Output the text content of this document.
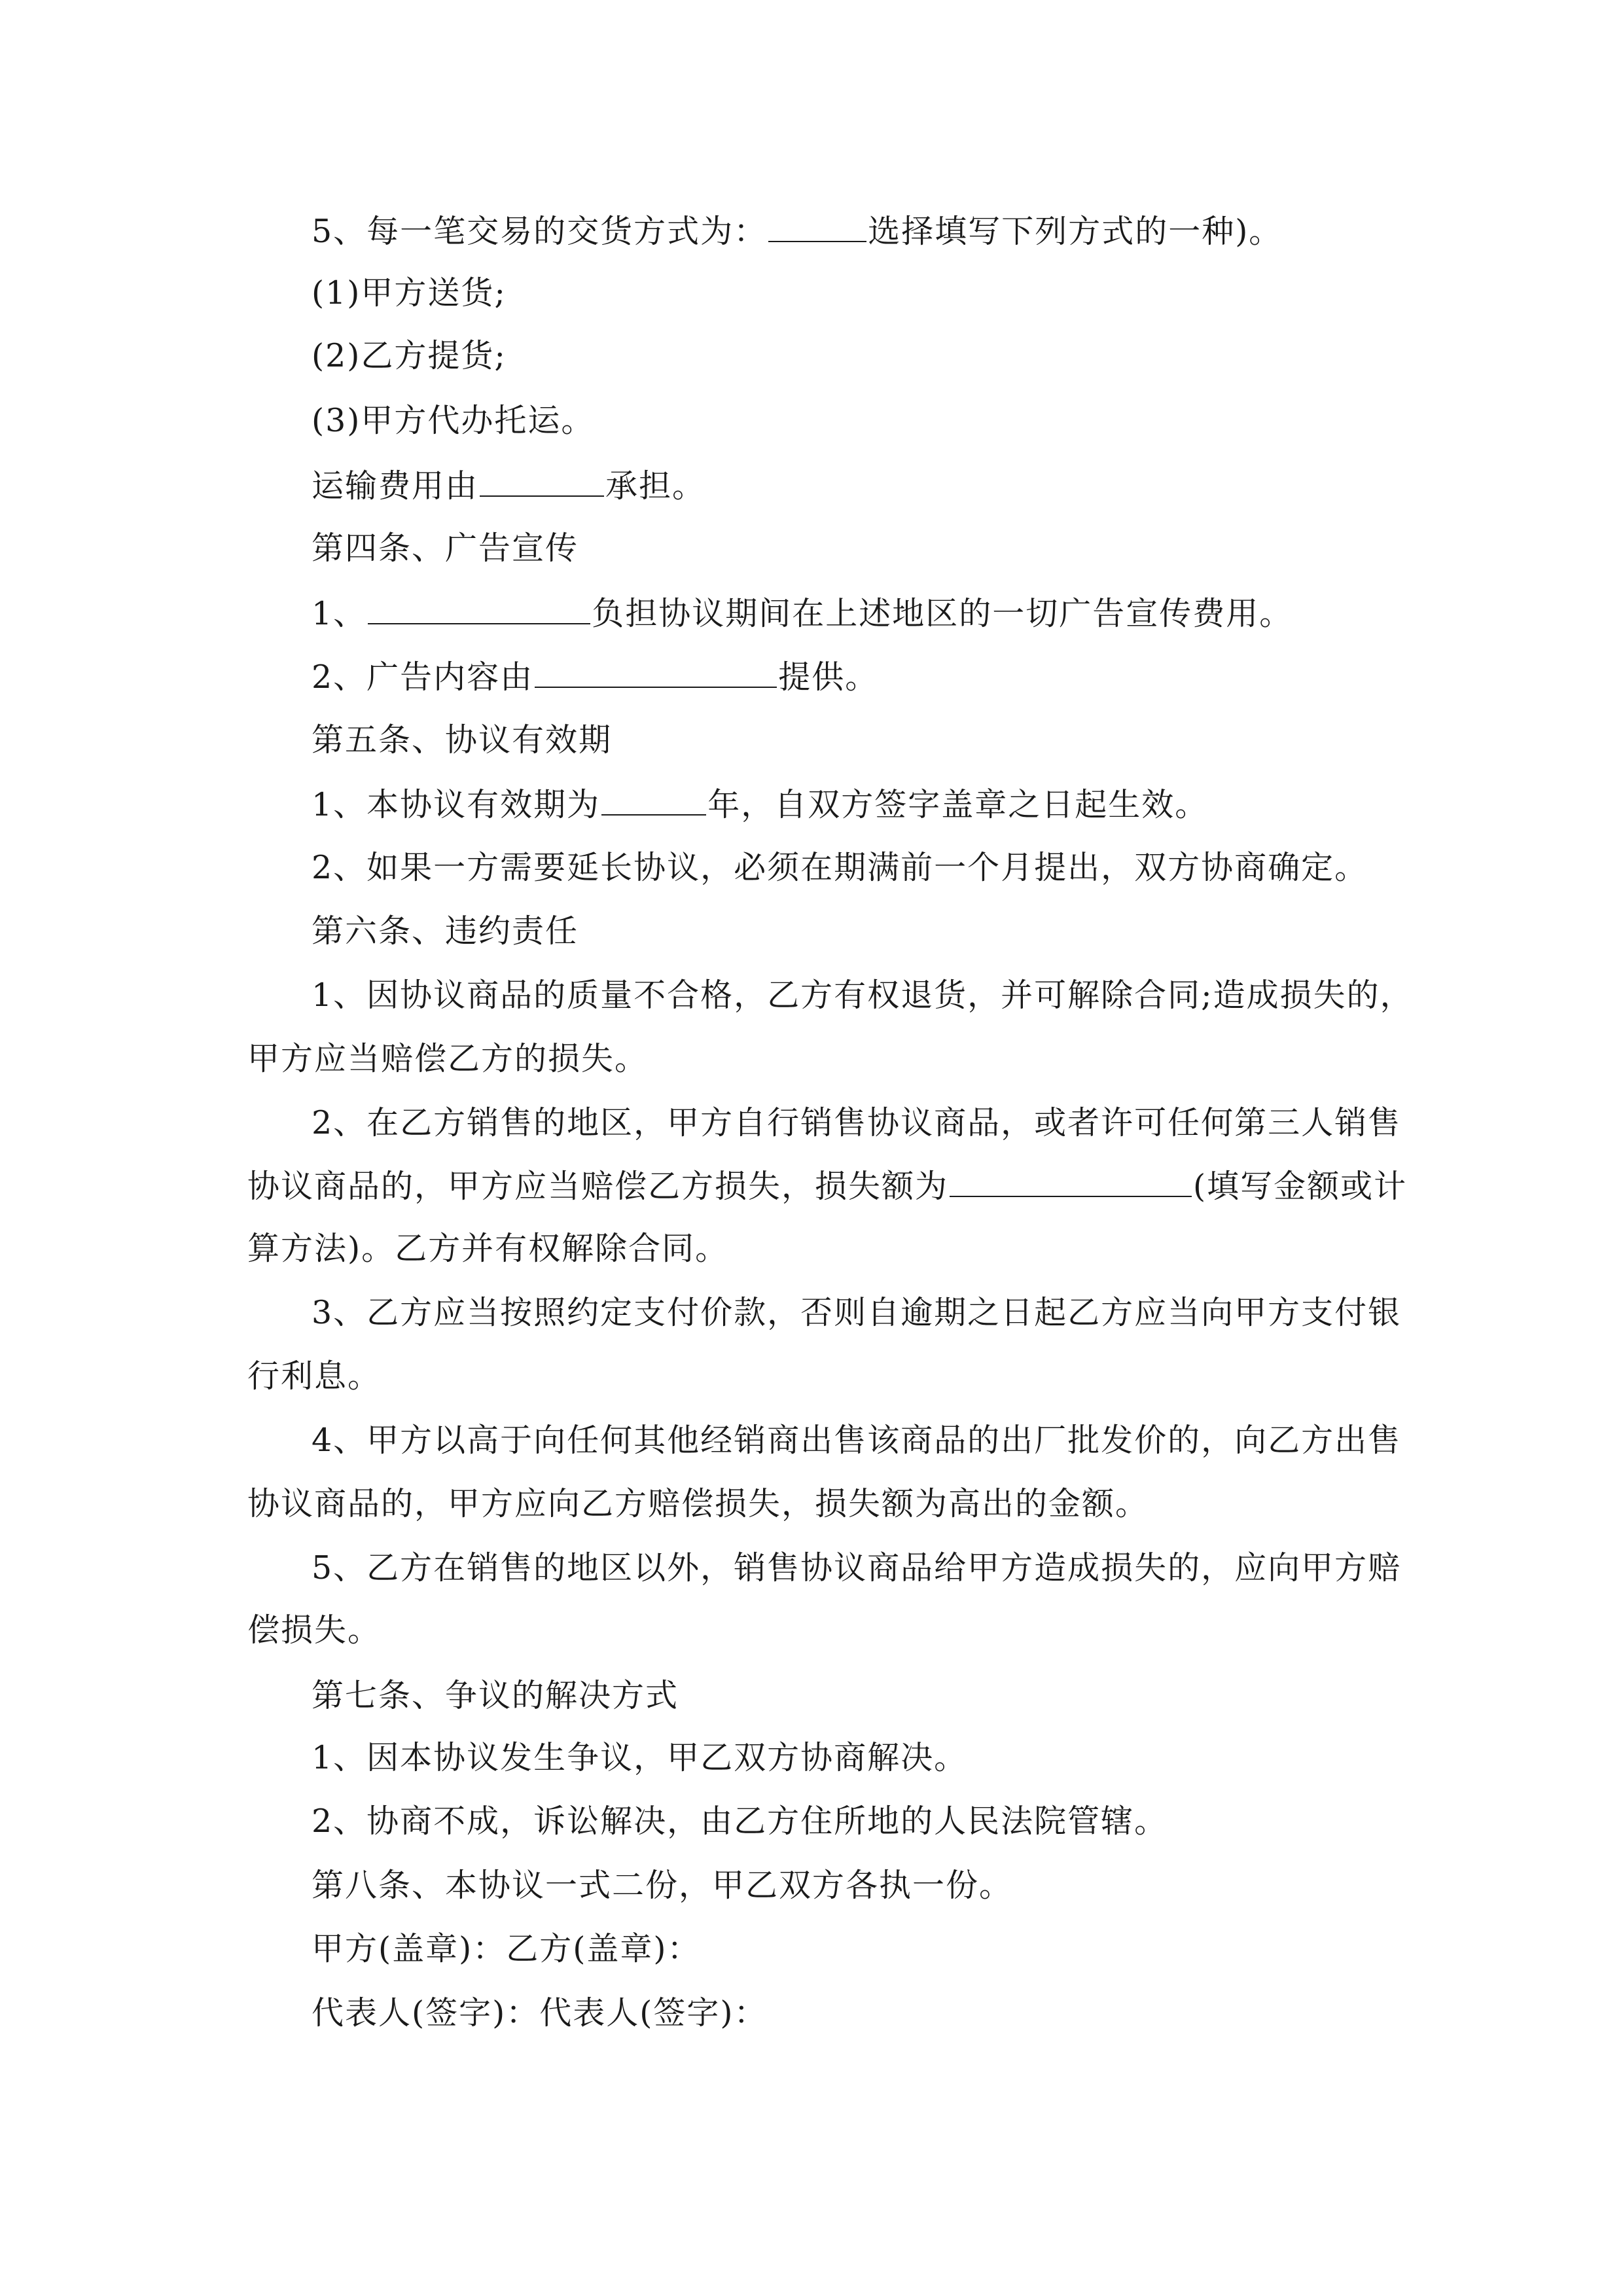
5、每一笔交易的交货方式为：	选择填写下列方式的一种)。
(1)甲方送货;
(2)乙方提货;
(3)甲方代办托运。
运输费用由	承担。
第四条、广告宣传
1、	负担协议期间在上述地区的一切广告宣传费用。
2、广告内容由	提供。
第五条、协议有效期
1、本协议有效期为	年，自双方签字盖章之日起生效。
2、如果一方需要延长协议，必须在期满前一个月提出，双方协商确定。
第六条、违约责任
1、因协议商品的质量不合格，乙方有权退货，并可解除合同;造成损失的，
甲方应当赔偿乙方的损失。
2、在乙方销售的地区，甲方自行销售协议商品，或者许可任何第三人销售
协议商品的，甲方应当赔偿乙方损失，损失额为	(填写金额或计
算方法)。乙方并有权解除合同。
3、乙方应当按照约定支付价款，否则自逾期之日起乙方应当向甲方支付银
行利息。
4、甲方以高于向任何其他经销商出售该商品的出厂批发价的，向乙方出售
协议商品的，甲方应向乙方赔偿损失，损失额为高出的金额。
5、乙方在销售的地区以外，销售协议商品给甲方造成损失的，应向甲方赔
偿损失。
第七条、争议的解决方式
1、因本协议发生争议，甲乙双方协商解决。
2、协商不成，诉讼解决，由乙方住所地的人民法院管辖。
第八条、本协议一式二份，甲乙双方各执一份。
甲方(盖章)：乙方(盖章)：
代表人(签字)：代表人(签字)：
